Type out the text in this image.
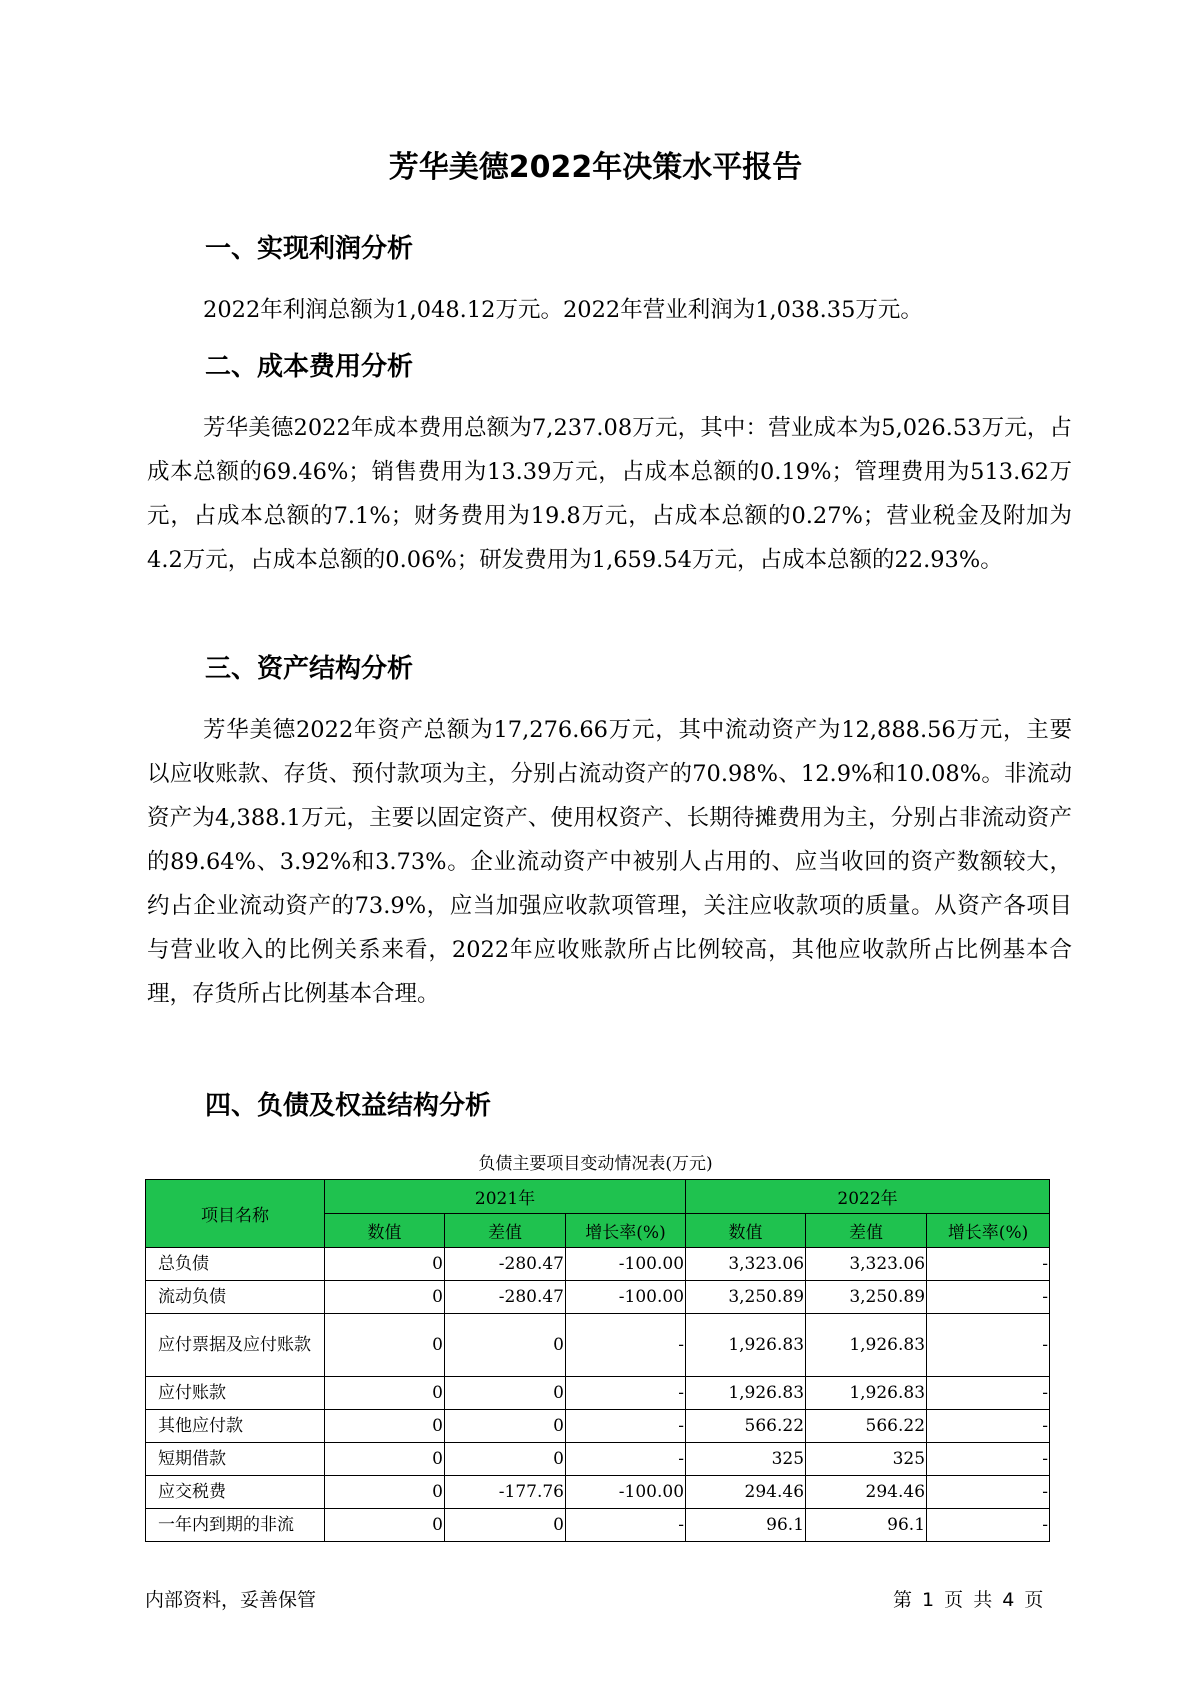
芳华美德2022年决策水平报告
一、实现利润分析

2022年利润总额为1,048.12万元。2022年营业利润为1,038.35万元。

二、成本费用分析

芳华美德2022年成本费用总额为7,237.08万元，其中：营业成本为5,026.53万元，占成本总额的69.46%；销售费用为13.39万元，占成本总额的0.19%；管理费用为513.62万元，占成本总额的7.1%；财务费用为19.8万元，占成本总额的0.27%；营业税金及附加为4.2万元，占成本总额的0.06%；研发费用为1,659.54万元，占成本总额的22.93%。

三、资产结构分析

芳华美德2022年资产总额为17,276.66万元，其中流动资产为12,888.56万元，主要以应收账款、存货、预付款项为主，分别占流动资产的70.98%、12.9%和10.08%。非流动资产为4,388.1万元，主要以固定资产、使用权资产、长期待摊费用为主，分别占非流动资产的89.64%、3.92%和3.73%。企业流动资产中被别人占用的、应当收回的资产数额较大，约占企业流动资产的73.9%，应当加强应收款项管理，关注应收款项的质量。从资产各项目与营业收入的比例关系来看，2022年应收账款所占比例较高，其他应收款所占比例基本合理，存货所占比例基本合理。

四、负债及权益结构分析
负债主要项目变动情况表(万元)
项目名称	2021年			2022年		
	数值	差值	增长率(%)	数值	差值	增长率(%)
总负债	0	-280.47	-100.00	3,323.06	3,323.06	-
流动负债	0	-280.47	-100.00	3,250.89	3,250.89	-
应付票据及应付账款	0	0	-	1,926.83	1,926.83	-
应付账款	0	0	-	1,926.83	1,926.83	-
其他应付款	0	0	-	566.22	566.22	-
短期借款	0	0	-	325	325	-
应交税费	0	-177.76	-100.00	294.46	294.46	-
一年内到期的非流	0	0	-	96.1	96.1	-
内部资料，妥善保管	第 1 页 共 4 页
